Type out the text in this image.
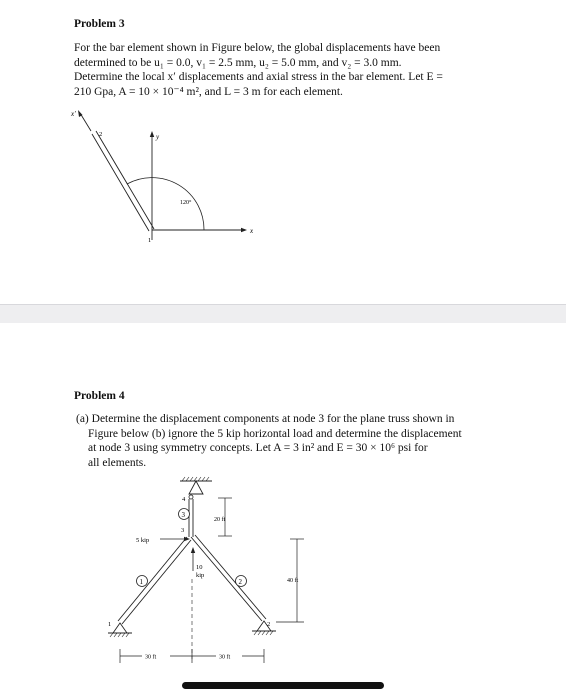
Problem 3
For the bar element shown in Figure below, the global displacements have been
determined to be u₁ = 0.0, v₁ = 2.5 mm, u₂ = 5.0 mm, and v₂ = 3.0 mm.
Determine the local x′ displacements and axial stress in the bar element. Let E =
210 Gpa, A = 10 × 10⁻⁴ m², and L = 3 m for each element.
y
x
x′
2
1
120°
Problem 4
(a) Determine the displacement components at node 3 for the plane truss shown in
Figure below (b) ignore the 5 kip horizontal load and determine the displacement
at node 3 using symmetry concepts. Let A = 3 in² and E = 30 × 10⁶ psi for
all elements.
4
3
3
20 ft
5 kip
1	2
10
kip
1	2
40 ft
30 ft	30 ft
